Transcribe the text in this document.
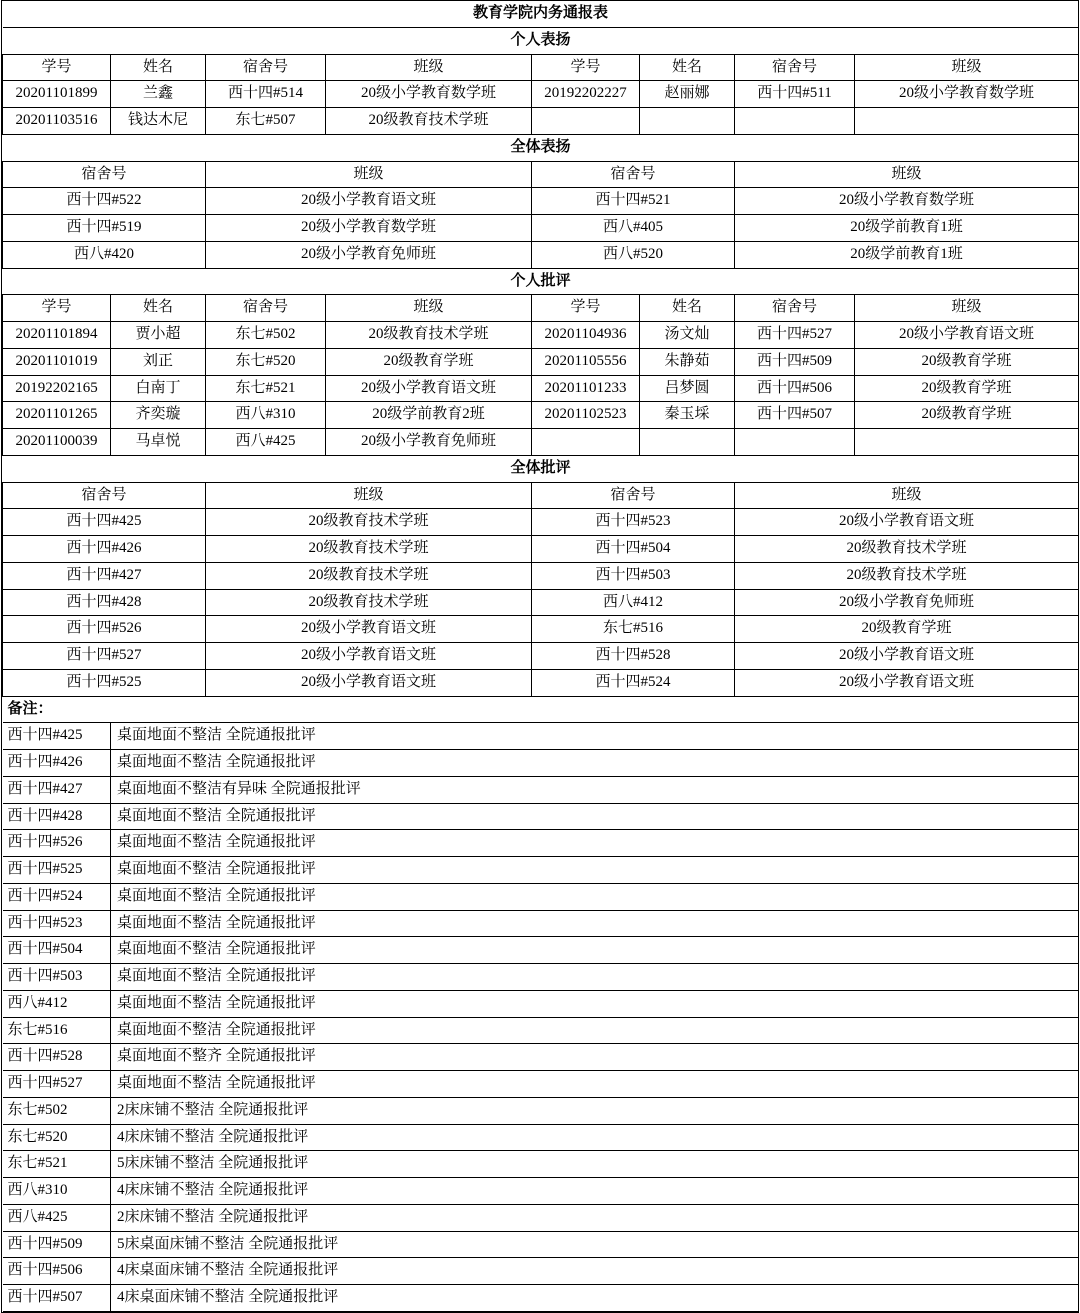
教育学院内务通报表							
个人表扬							
学号	姓名	宿舍号	班级	学号	姓名	宿舍号	班级
20201101899	兰鑫	西十四#514	20级小学教育数学班	20192202227	赵丽娜	西十四#511	20级小学教育数学班
20201103516	钱达木尼	东七#507	20级教育技术学班				
全体表扬							
宿舍号		班级		宿舍号		班级	
西十四#522		20级小学教育语文班		西十四#521		20级小学教育数学班	
西十四#519		20级小学教育数学班		西八#405		20级学前教育1班	
西八#420		20级小学教育免师班		西八#520		20级学前教育1班	
个人批评							
学号	姓名	宿舍号	班级	学号	姓名	宿舍号	班级
20201101894	贾小超	东七#502	20级教育技术学班	20201104936	汤文灿	西十四#527	20级小学教育语文班
20201101019	刘正	东七#520	20级教育学班	20201105556	朱静茹	西十四#509	20级教育学班
20192202165	白南丁	东七#521	20级小学教育语文班	20201101233	吕梦圆	西十四#506	20级教育学班
20201101265	齐奕璇	西八#310	20级学前教育2班	20201102523	秦玉埰	西十四#507	20级教育学班
20201100039	马卓悦	西八#425	20级小学教育免师班				
全体批评							
宿舍号		班级		宿舍号		班级	
西十四#425		20级教育技术学班		西十四#523		20级小学教育语文班	
西十四#426		20级教育技术学班		西十四#504		20级教育技术学班	
西十四#427		20级教育技术学班		西十四#503		20级教育技术学班	
西十四#428		20级教育技术学班		西八#412		20级小学教育免师班	
西十四#526		20级小学教育语文班		东七#516		20级教育学班	
西十四#527		20级小学教育语文班		西十四#528		20级小学教育语文班	
西十四#525		20级小学教育语文班		西十四#524		20级小学教育语文班	
备注：							
西十四#425	桌面地面不整洁 全院通报批评						
西十四#426	桌面地面不整洁 全院通报批评						
西十四#427	桌面地面不整洁有异味 全院通报批评						
西十四#428	桌面地面不整洁 全院通报批评						
西十四#526	桌面地面不整洁 全院通报批评						
西十四#525	桌面地面不整洁 全院通报批评						
西十四#524	桌面地面不整洁 全院通报批评						
西十四#523	桌面地面不整洁 全院通报批评						
西十四#504	桌面地面不整洁 全院通报批评						
西十四#503	桌面地面不整洁 全院通报批评						
西八#412	桌面地面不整洁 全院通报批评						
东七#516	桌面地面不整洁 全院通报批评						
西十四#528	桌面地面不整齐 全院通报批评						
西十四#527	桌面地面不整洁 全院通报批评						
东七#502	2床床铺不整洁 全院通报批评						
东七#520	4床床铺不整洁 全院通报批评						
东七#521	5床床铺不整洁 全院通报批评						
西八#310	4床床铺不整洁 全院通报批评						
西八#425	2床床铺不整洁 全院通报批评						
西十四#509	5床桌面床铺不整洁 全院通报批评						
西十四#506	4床桌面床铺不整洁 全院通报批评						
西十四#507	4床桌面床铺不整洁 全院通报批评						
